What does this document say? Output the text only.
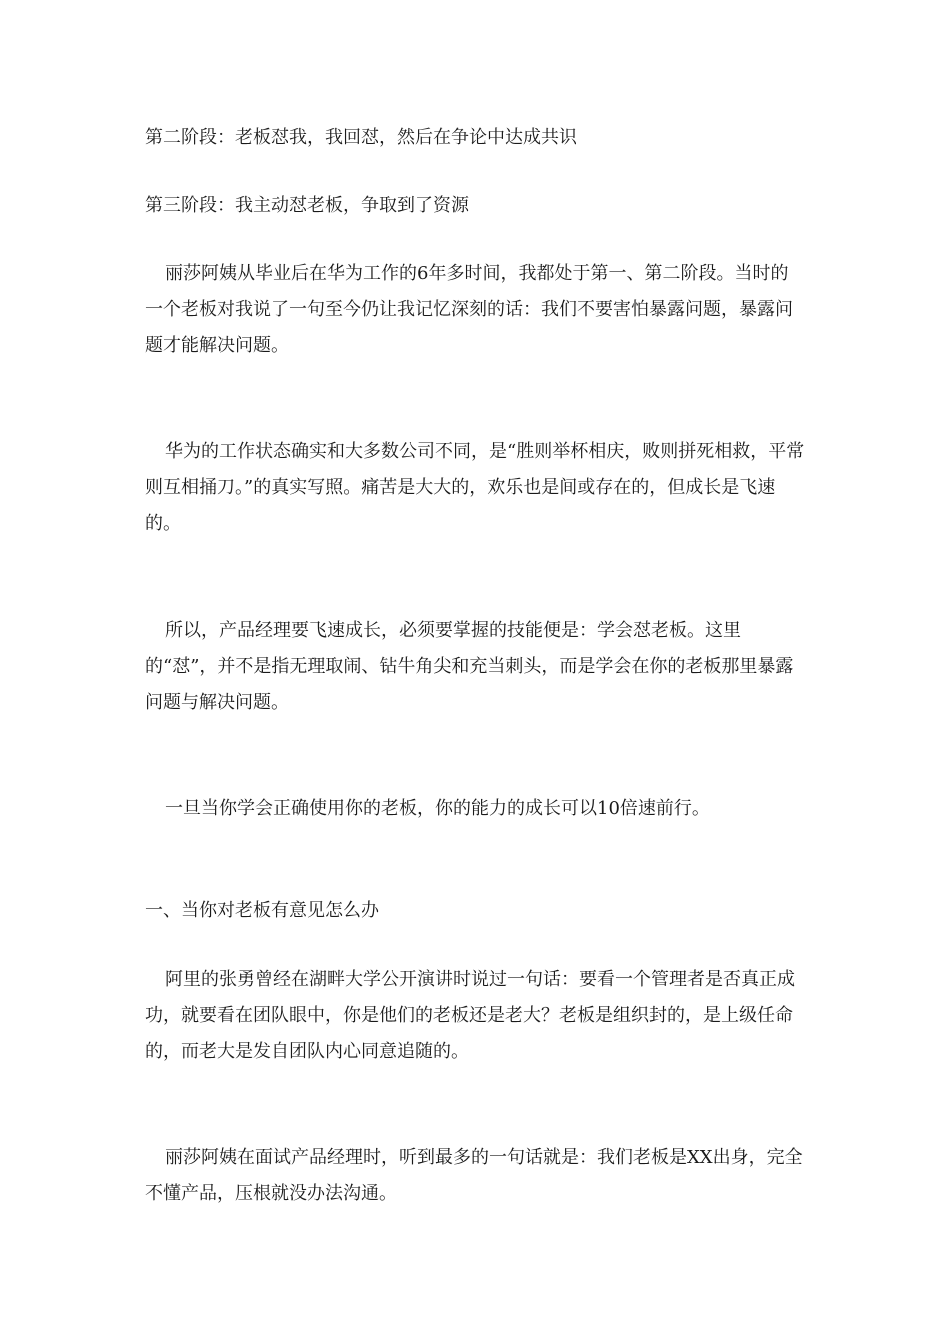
第二阶段：老板怼我，我回怼，然后在争论中达成共识

第三阶段：我主动怼老板，争取到了资源

丽莎阿姨从毕业后在华为工作的6年多时间，我都处于第一、第二阶段。当时的一个老板对我说了一句至今仍让我记忆深刻的话：我们不要害怕暴露问题，暴露问题才能解决问题。

华为的工作状态确实和大多数公司不同，是“胜则举杯相庆，败则拼死相救，平常则互相捅刀。”的真实写照。痛苦是大大的，欢乐也是间或存在的，但成长是飞速的。

所以，产品经理要飞速成长，必须要掌握的技能便是：学会怼老板。这里的“怼”，并不是指无理取闹、钻牛角尖和充当刺头，而是学会在你的老板那里暴露问题与解决问题。

一旦当你学会正确使用你的老板，你的能力的成长可以10倍速前行。

一、当你对老板有意见怎么办

阿里的张勇曾经在湖畔大学公开演讲时说过一句话：要看一个管理者是否真正成功，就要看在团队眼中，你是他们的老板还是老大？老板是组织封的，是上级任命的，而老大是发自团队内心同意追随的。

丽莎阿姨在面试产品经理时，听到最多的一句话就是：我们老板是XX出身，完全不懂产品，压根就没办法沟通。
